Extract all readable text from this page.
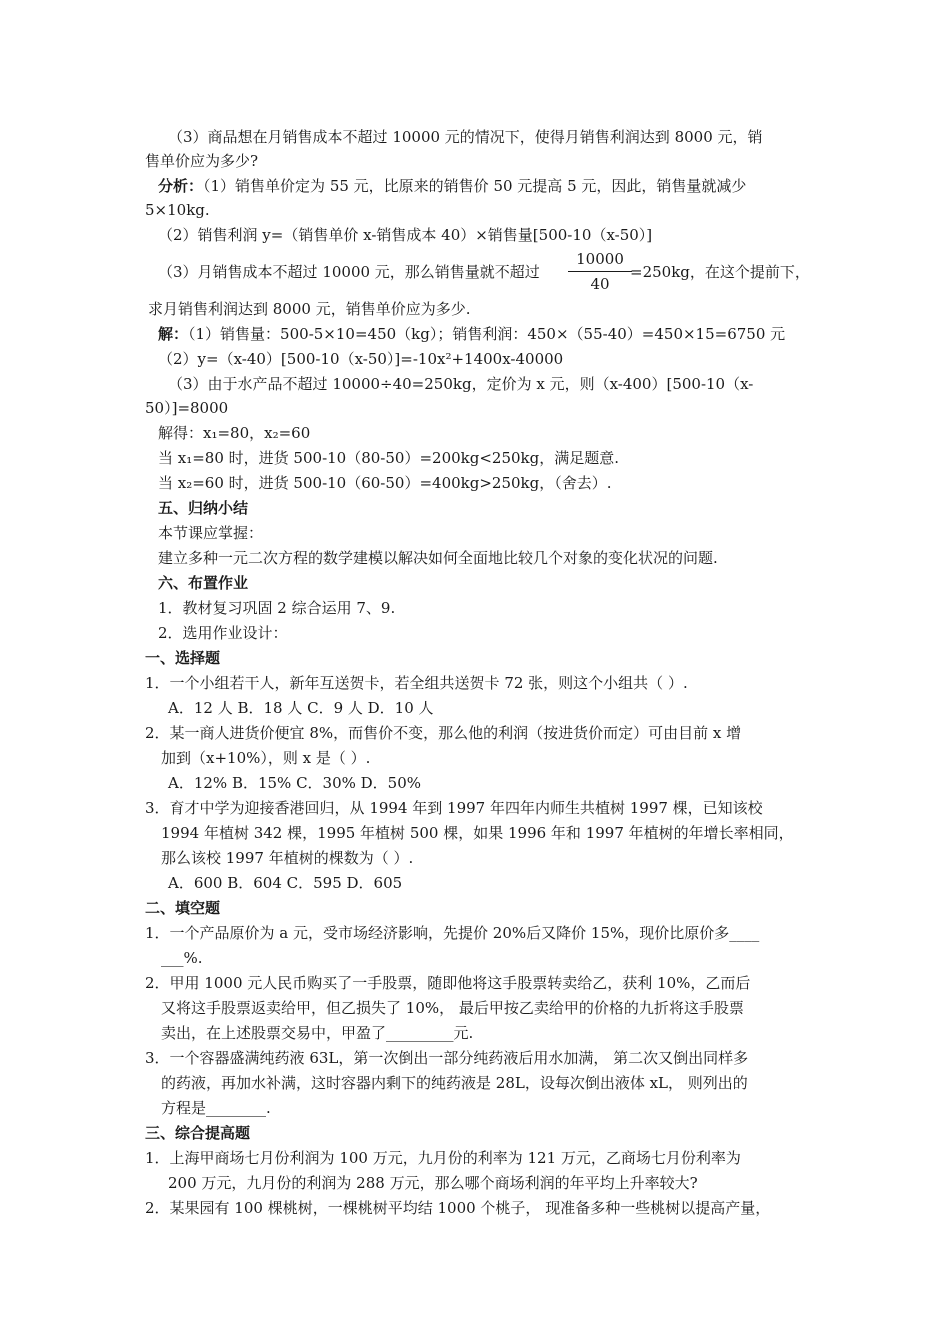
（3）商品想在月销售成本不超过 10000 元的情况下，使得月销售利润达到 8000 元，销
售单价应为多少?
分析：（1）销售单价定为 55 元，比原来的销售价 50 元提高 5 元，因此，销售量就减少
5×10kg.
（2）销售利润 y=（销售单价 x-销售成本 40）×销售量[500-10（x-50）]
（3）月销售成本不超过 10000 元，那么销售量就不超过
10000
40
=250kg，在这个提前下，
求月销售利润达到 8000 元，销售单价应为多少.
解：（1）销售量：500-5×10=450（kg）；销售利润：450×（55-40）=450×15=6750 元
（2）y=（x-40）[500-10（x-50）]=-10x²+1400x-40000
（3）由于水产品不超过 10000÷40=250kg，定价为 x 元，则（x-400）[500-10（x-
50）]=8000
解得：x₁=80，x₂=60
当 x₁=80 时，进货 500-10（80-50）=200kg<250kg，满足题意.
当 x₂=60 时，进货 500-10（60-50）=400kg>250kg，（舍去）.
五、归纳小结
本节课应掌握：
建立多种一元二次方程的数学建模以解决如何全面地比较几个对象的变化状况的问题.
六、布置作业
1．教材复习巩固 2 综合运用 7、9.
2．选用作业设计：
一、选择题
1．一个小组若干人，新年互送贺卡，若全组共送贺卡 72 张，则这个小组共（ ）.
A．12 人 B．18 人 C．9 人 D．10 人
2．某一商人进货价便宜 8%，而售价不变，那么他的利润（按进货价而定）可由目前 x 增
加到（x+10%），则 x 是（ ）.
A．12% B．15% C．30% D．50%
3．育才中学为迎接香港回归，从 1994 年到 1997 年四年内师生共植树 1997 棵，已知该校
1994 年植树 342 棵，1995 年植树 500 棵，如果 1996 年和 1997 年植树的年增长率相同，
那么该校 1997 年植树的棵数为（ ）.
A．600 B．604 C．595 D．605
二、填空题
1．一个产品原价为 a 元，受市场经济影响，先提价 20%后又降价 15%，现价比原价多____
___%.
2．甲用 1000 元人民币购买了一手股票，随即他将这手股票转卖给乙，获利 10%，乙而后
又将这手股票返卖给甲，但乙损失了 10%， 最后甲按乙卖给甲的价格的九折将这手股票
卖出，在上述股票交易中，甲盈了_________元.
3．一个容器盛满纯药液 63L，第一次倒出一部分纯药液后用水加满， 第二次又倒出同样多
的药液，再加水补满，这时容器内剩下的纯药液是 28L，设每次倒出液体 xL， 则列出的
方程是________.
三、综合提高题
1．上海甲商场七月份利润为 100 万元，九月份的利率为 121 万元，乙商场七月份利率为
200 万元，九月份的利润为 288 万元，那么哪个商场利润的年平均上升率较大?
2．某果园有 100 棵桃树，一棵桃树平均结 1000 个桃子， 现准备多种一些桃树以提高产量，
